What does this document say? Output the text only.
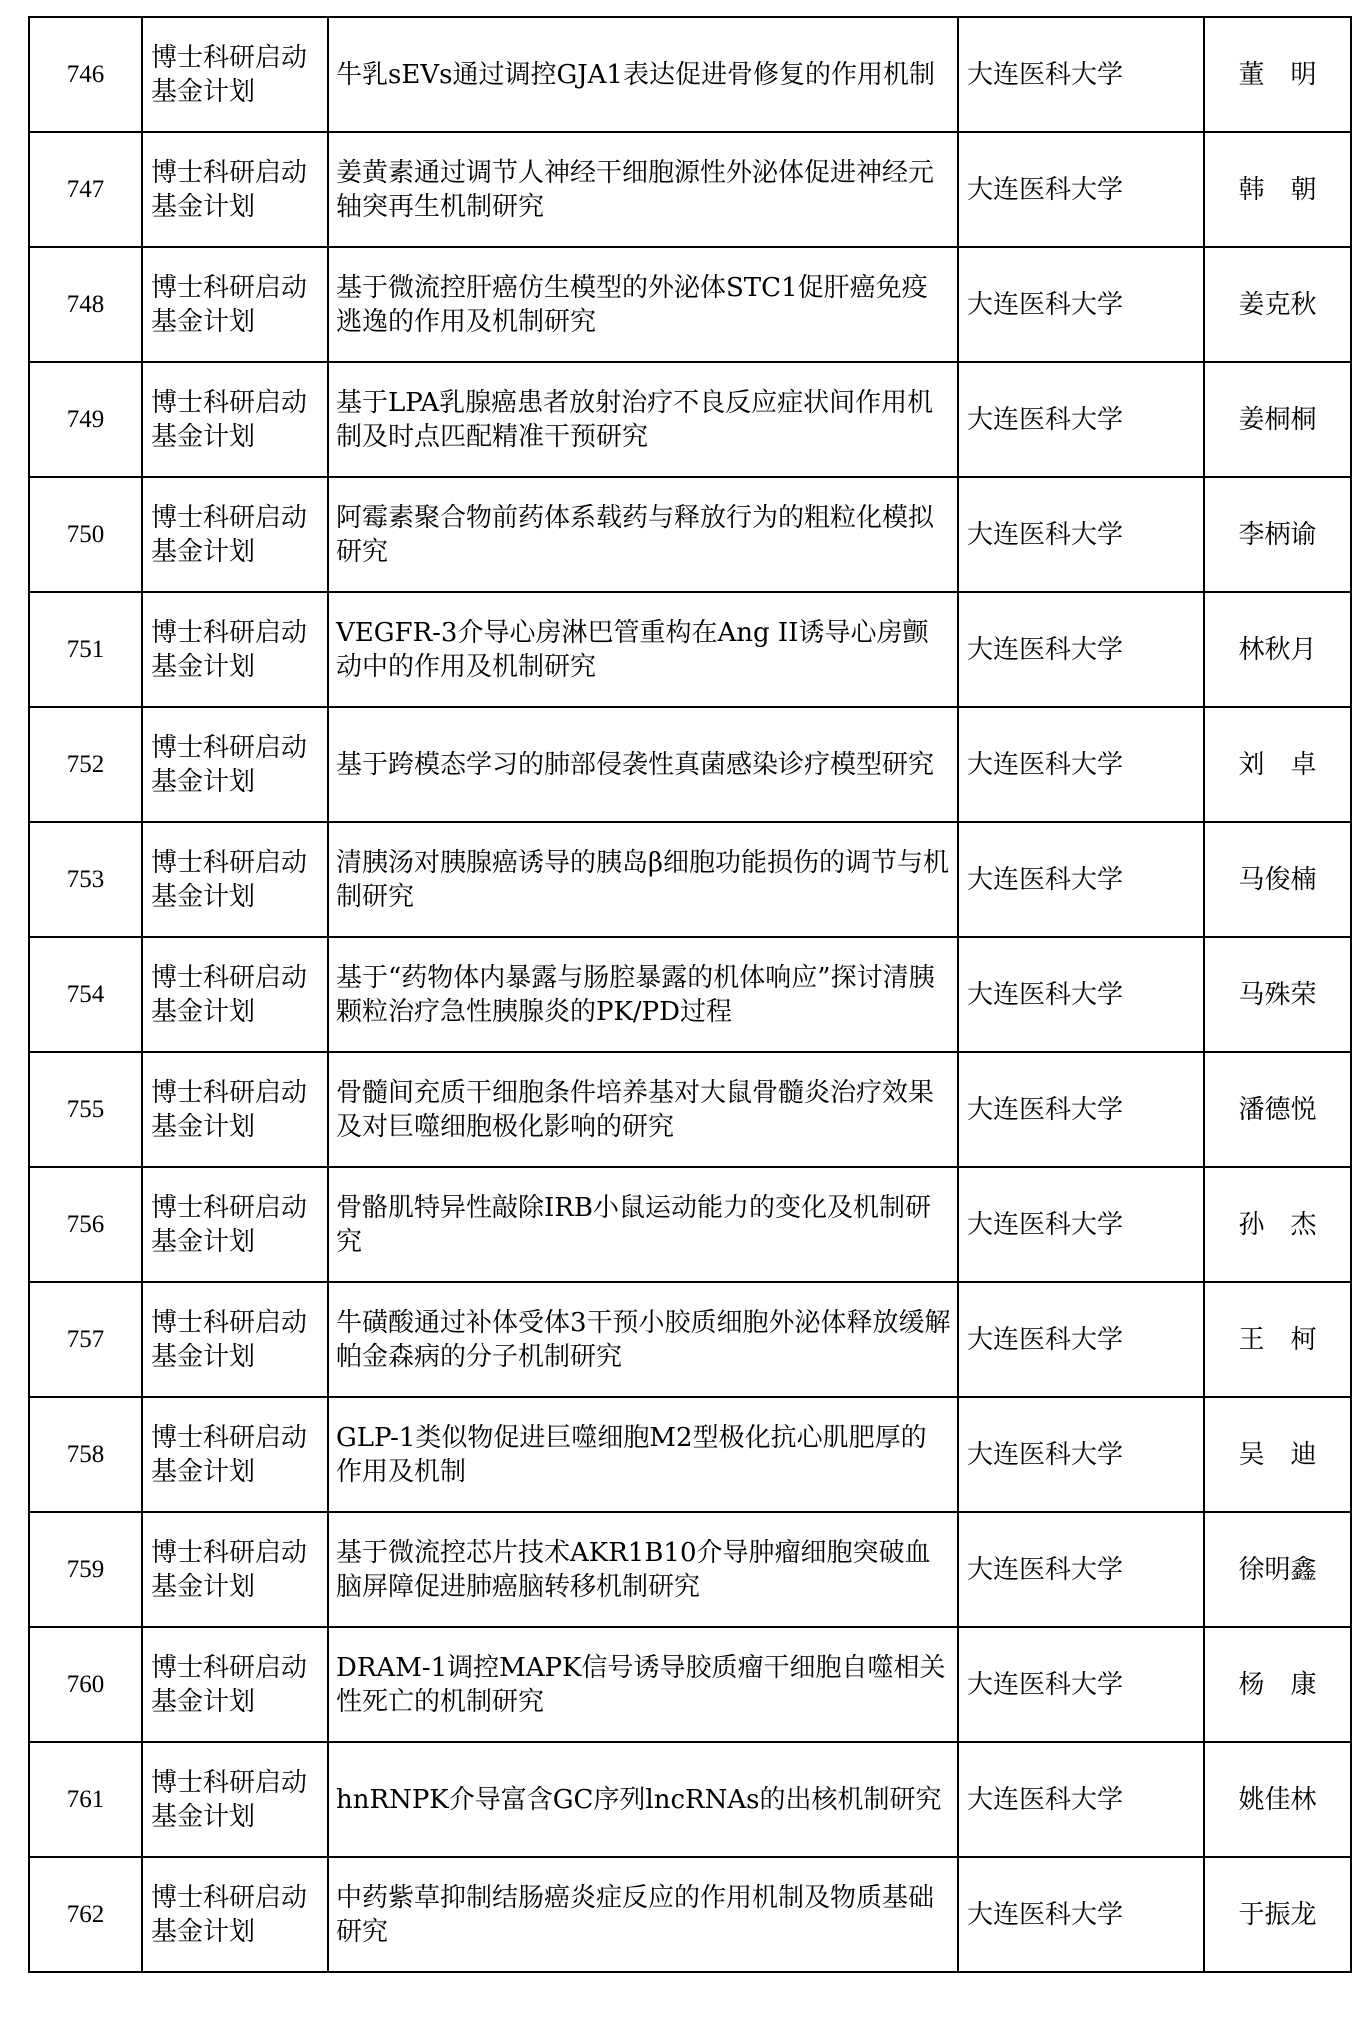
746	博士科研启动基金计划	牛乳sEVs通过调控GJA1表达促进骨修复的作用机制	大连医科大学	董　明
747	博士科研启动基金计划	姜黄素通过调节人神经干细胞源性外泌体促进神经元轴突再生机制研究	大连医科大学	韩　朝
748	博士科研启动基金计划	基于微流控肝癌仿生模型的外泌体STC1促肝癌免疫逃逸的作用及机制研究	大连医科大学	姜克秋
749	博士科研启动基金计划	基于LPA乳腺癌患者放射治疗不良反应症状间作用机制及时点匹配精准干预研究	大连医科大学	姜桐桐
750	博士科研启动基金计划	阿霉素聚合物前药体系载药与释放行为的粗粒化模拟研究	大连医科大学	李柄谕
751	博士科研启动基金计划	VEGFR-3介导心房淋巴管重构在Ang II诱导心房颤动中的作用及机制研究	大连医科大学	林秋月
752	博士科研启动基金计划	基于跨模态学习的肺部侵袭性真菌感染诊疗模型研究	大连医科大学	刘　卓
753	博士科研启动基金计划	清胰汤对胰腺癌诱导的胰岛β细胞功能损伤的调节与机制研究	大连医科大学	马俊楠
754	博士科研启动基金计划	基于“药物体内暴露与肠腔暴露的机体响应”探讨清胰颗粒治疗急性胰腺炎的PK/PD过程	大连医科大学	马殊荣
755	博士科研启动基金计划	骨髓间充质干细胞条件培养基对大鼠骨髓炎治疗效果及对巨噬细胞极化影响的研究	大连医科大学	潘德悦
756	博士科研启动基金计划	骨骼肌特异性敲除IRB小鼠运动能力的变化及机制研究	大连医科大学	孙　杰
757	博士科研启动基金计划	牛磺酸通过补体受体3干预小胶质细胞外泌体释放缓解帕金森病的分子机制研究	大连医科大学	王　柯
758	博士科研启动基金计划	GLP-1类似物促进巨噬细胞M2型极化抗心肌肥厚的作用及机制	大连医科大学	吴　迪
759	博士科研启动基金计划	基于微流控芯片技术AKR1B10介导肿瘤细胞突破血脑屏障促进肺癌脑转移机制研究	大连医科大学	徐明鑫
760	博士科研启动基金计划	DRAM-1调控MAPK信号诱导胶质瘤干细胞自噬相关性死亡的机制研究	大连医科大学	杨　康
761	博士科研启动基金计划	hnRNPK介导富含GC序列lncRNAs的出核机制研究	大连医科大学	姚佳林
762	博士科研启动基金计划	中药紫草抑制结肠癌炎症反应的作用机制及物质基础研究	大连医科大学	于振龙
